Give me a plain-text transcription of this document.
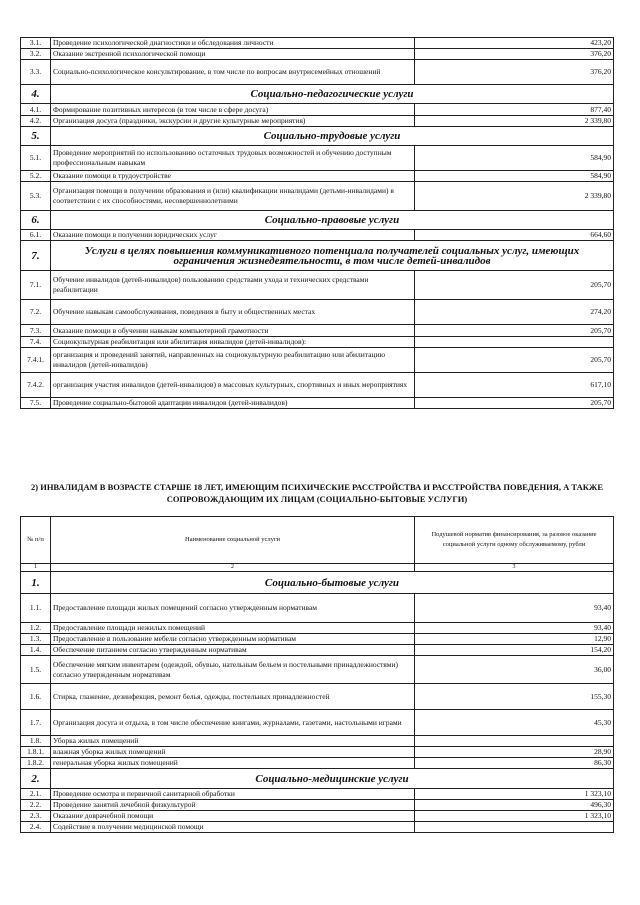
3.1.	Проведение психологической диагностики и обследования личности	423,20
3.2.	Оказание экстренной психологической помощи	376,20
3.3.	Социально-психологическое консультирование, в том числе по вопросам внутрисемейных отношений	376,20
4.	Социально-педагогические услуги	
4.1.	Формирование позитивных интересов (в том числе в сфере досуга)	877,40
4.2.	Организация досуга (праздники, экскурсии и другие культурные мероприятия)	2 339,80
5.	Социально-трудовые услуги	
5.1.	Проведение мероприятий по использованию остаточных трудовых возможностей и обучению доступным профессиональным навыкам	584,90
5.2.	Оказание помощи в трудоустройстве	584,90
5.3.	Организация помощи в получении образования и (или) квалификации инвалидами (детьми-инвалидами) в соответствии с их способностями, несовершеннолетними	2 339,80
6.	Социально-правовые услуги	
6.1.	Оказание помощи в получении юридических услуг	664,60
7.	Услуги в целях повышения коммуникативного потенциала получателей социальных услуг, имеющих ограничения жизнедеятельности, в том числе детей-инвалидов	
7.1.	Обучение инвалидов (детей-инвалидов) пользованию средствами ухода и технических средствами реабилитации	205,70
7.2.	Обучение навыкам самообслуживания, поведения в быту и общественных местах	274,20
7.3.	Оказание помощи в обучении навыкам компьютерной грамотности	205,70
7.4.	Социокультурная реабилитация или абилитация инвалидов (детей-инвалидов):	
7.4.1.	организация и проведений занятий, направленных на социокультурную реабилитацию или абилитацию инвалидов (детей-инвалидов)	205,70
7.4.2.	организация участия инвалидов (детей-инвалидов) в массовых культурных, спортивных и иных мероприятиях	617,10
7.5.	Проведение социально-бытовой адаптации инвалидов (детей-инвалидов)	205,70
2) ИНВАЛИДАМ В ВОЗРАСТЕ СТАРШЕ 18 ЛЕТ, ИМЕЮЩИМ ПСИХИЧЕСКИЕ РАССТРОЙСТВА И РАССТРОЙСТВА ПОВЕДЕНИЯ, А ТАКЖЕ СОПРОВОЖДАЮЩИМ ИХ ЛИЦАМ (СОЦИАЛЬНО-БЫТОВЫЕ УСЛУГИ)
№ п/п	Наименование социальной услуги	Подушевой норматив финансирования, за разовое оказание социальной услуги одному обслуживаемому, рубли
1	2	3
1.	Социально-бытовые услуги	
1.1.	Предоставление площади жилых помещений согласно утвержденным нормативам	93,40
1.2.	Предоставление площади нежилых помещений	93,40
1.3.	Предоставление в пользование мебели согласно утвержденным нормативам	12,90
1.4.	Обеспечение питанием согласно утвержденным нормативам	154,20
1.5.	Обеспечение мягким инвентарем (одеждой, обувью, нательным бельем и постельными принадлежностями) согласно утвержденным нормативам	36,00
1.6.	Стирка, глажение, дезинфекция, ремонт белья, одежды, постельных принадлежностей	155,30
1.7.	Организация досуга и отдыха, в том числе обеспечение книгами, журналами, газетами, настольными играми	45,30
1.8.	Уборка жилых помещений	
1.8.1.	влажная уборка жилых помещений	28,90
1.8.2.	генеральная уборка жилых помещений	86,30
2.	Социально-медицинские услуги	
2.1.	Проведение осмотра и первичной санитарной обработки	1 323,10
2.2.	Проведение занятий лечебной физкультурой	496,30
2.3.	Оказание доврачебной помощи	1 323,10
2.4.	Содействие в получении медицинской помощи	
